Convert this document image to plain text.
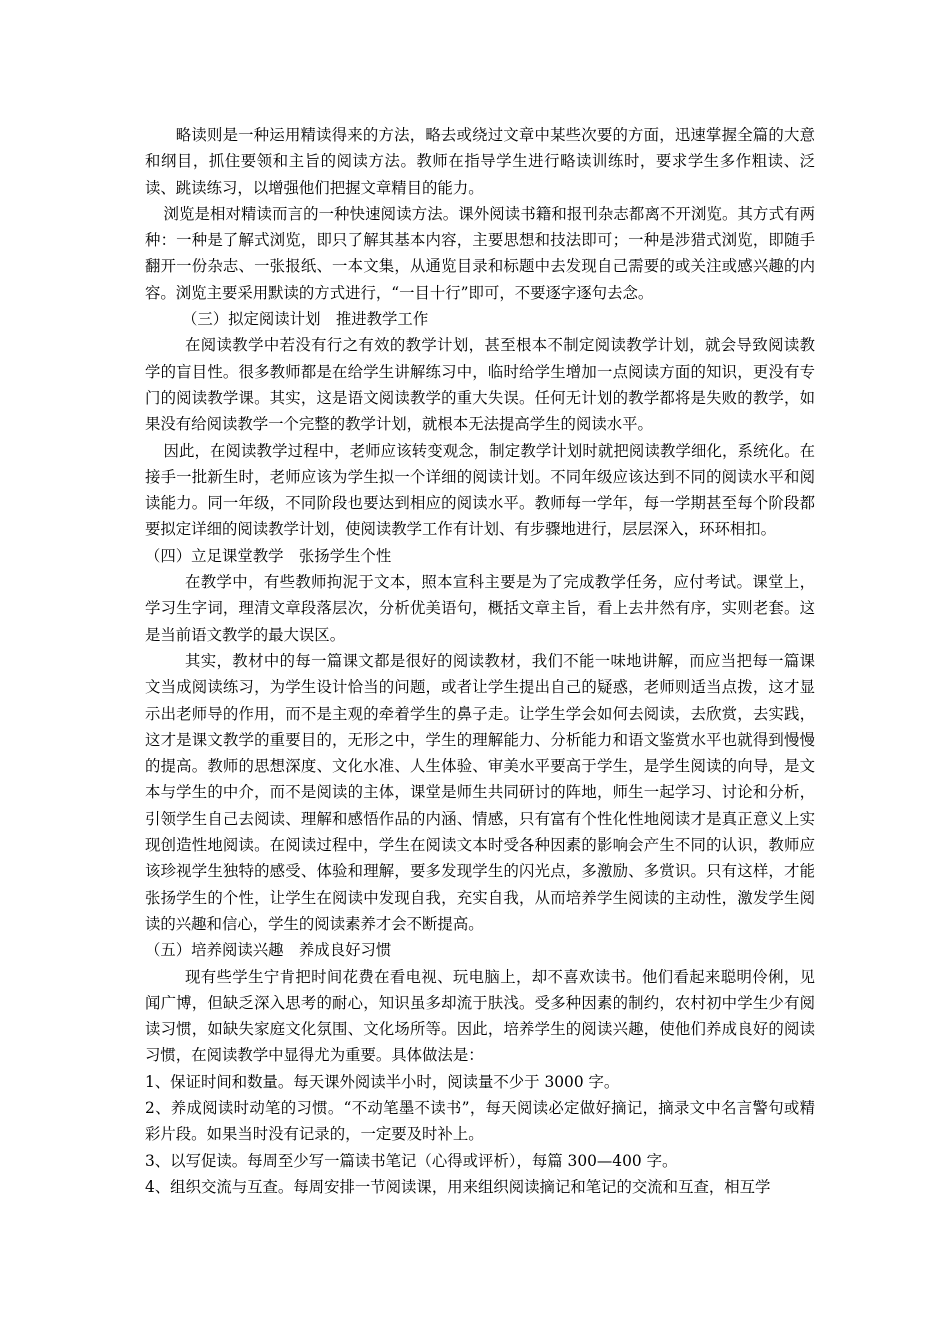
略读则是一种运用精读得来的方法，略去或绕过文章中某些次要的方面，迅速掌握全篇的大意和纲目，抓住要领和主旨的阅读方法。教师在指导学生进行略读训练时，要求学生多作粗读、泛读、跳读练习，以增强他们把握文章精目的能力。

浏览是相对精读而言的一种快速阅读方法。课外阅读书籍和报刊杂志都离不开浏览。其方式有两种：一种是了解式浏览，即只了解其基本内容，主要思想和技法即可；一种是涉猎式浏览，即随手翻开一份杂志、一张报纸、一本文集，从通览目录和标题中去发现自己需要的或关注或感兴趣的内容。浏览主要采用默读的方式进行，“一目十行”即可，不要逐字逐句去念。

（三）拟定阅读计划　推进教学工作

在阅读教学中若没有行之有效的教学计划，甚至根本不制定阅读教学计划，就会导致阅读教学的盲目性。很多教师都是在给学生讲解练习中，临时给学生增加一点阅读方面的知识，更没有专门的阅读教学课。其实，这是语文阅读教学的重大失误。任何无计划的教学都将是失败的教学，如果没有给阅读教学一个完整的教学计划，就根本无法提高学生的阅读水平。

因此，在阅读教学过程中，老师应该转变观念，制定教学计划时就把阅读教学细化，系统化。在接手一批新生时，老师应该为学生拟一个详细的阅读计划。不同年级应该达到不同的阅读水平和阅读能力。同一年级，不同阶段也要达到相应的阅读水平。教师每一学年，每一学期甚至每个阶段都要拟定详细的阅读教学计划，使阅读教学工作有计划、有步骤地进行，层层深入，环环相扣。

（四）立足课堂教学　张扬学生个性

在教学中，有些教师拘泥于文本，照本宣科主要是为了完成教学任务，应付考试。课堂上，学习生字词，理清文章段落层次，分析优美语句，概括文章主旨，看上去井然有序，实则老套。这是当前语文教学的最大误区。

其实，教材中的每一篇课文都是很好的阅读教材，我们不能一味地讲解，而应当把每一篇课文当成阅读练习，为学生设计恰当的问题，或者让学生提出自己的疑惑，老师则适当点拨，这才显示出老师导的作用，而不是主观的牵着学生的鼻子走。让学生学会如何去阅读，去欣赏，去实践，这才是课文教学的重要目的，无形之中，学生的理解能力、分析能力和语文鉴赏水平也就得到慢慢的提高。教师的思想深度、文化水准、人生体验、审美水平要高于学生，是学生阅读的向导，是文本与学生的中介，而不是阅读的主体，课堂是师生共同研讨的阵地，师生一起学习、讨论和分析，引领学生自己去阅读、理解和感悟作品的内涵、情感，只有富有个性化性地阅读才是真正意义上实现创造性地阅读。在阅读过程中，学生在阅读文本时受各种因素的影响会产生不同的认识，教师应该珍视学生独特的感受、体验和理解，要多发现学生的闪光点，多激励、多赏识。只有这样，才能张扬学生的个性，让学生在阅读中发现自我，充实自我，从而培养学生阅读的主动性，激发学生阅读的兴趣和信心，学生的阅读素养才会不断提高。

（五）培养阅读兴趣　养成良好习惯

现有些学生宁肯把时间花费在看电视、玩电脑上，却不喜欢读书。他们看起来聪明伶俐，见闻广博，但缺乏深入思考的耐心，知识虽多却流于肤浅。受多种因素的制约，农村初中学生少有阅读习惯，如缺失家庭文化氛围、文化场所等。因此，培养学生的阅读兴趣，使他们养成良好的阅读习惯，在阅读教学中显得尤为重要。具体做法是：

1、保证时间和数量。每天课外阅读半小时，阅读量不少于 3000 字。

2、养成阅读时动笔的习惯。“不动笔墨不读书”，每天阅读必定做好摘记，摘录文中名言警句或精彩片段。如果当时没有记录的，一定要及时补上。

3、以写促读。每周至少写一篇读书笔记（心得或评析），每篇 300—400 字。

4、组织交流与互查。每周安排一节阅读课，用来组织阅读摘记和笔记的交流和互查，相互学
